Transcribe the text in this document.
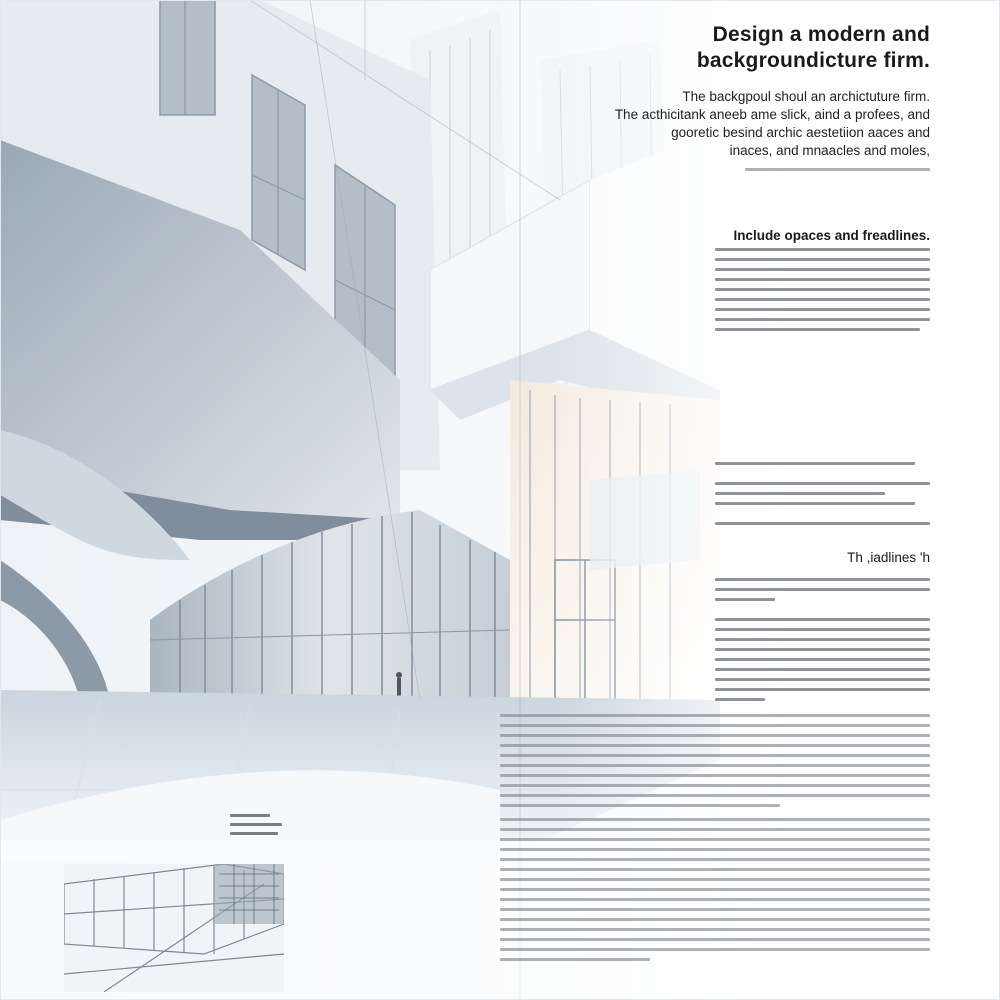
Design a modern and
backgroundicture firm.
The backgpoul shoul an archictuture firm.
The acthicitank aneeb ame slick, aind a profees, and
gooretic besind archic aestetiion aaces and
inaces, and mnaacles and moles,
Include opaces and freadlines.
Th ,iadlines 'h
